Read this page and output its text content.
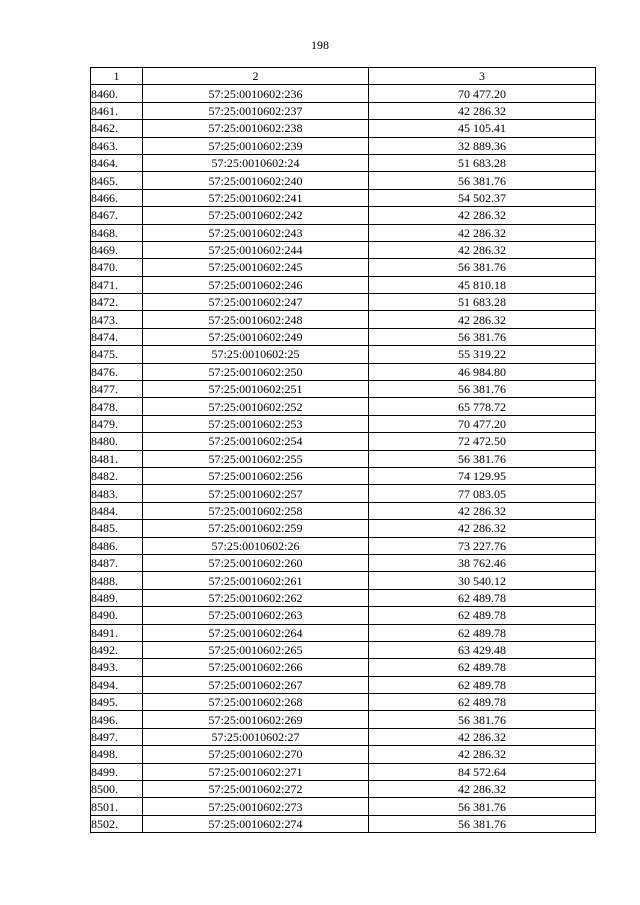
198
1	2	3
8460.	57:25:0010602:236	70 477.20
8461.	57:25:0010602:237	42 286.32
8462.	57:25:0010602:238	45 105.41
8463.	57:25:0010602:239	32 889.36
8464.	57:25:0010602:24	51 683.28
8465.	57:25:0010602:240	56 381.76
8466.	57:25:0010602:241	54 502.37
8467.	57:25:0010602:242	42 286.32
8468.	57:25:0010602:243	42 286.32
8469.	57:25:0010602:244	42 286.32
8470.	57:25:0010602:245	56 381.76
8471.	57:25:0010602:246	45 810.18
8472.	57:25:0010602:247	51 683.28
8473.	57:25:0010602:248	42 286.32
8474.	57:25:0010602:249	56 381.76
8475.	57:25:0010602:25	55 319.22
8476.	57:25:0010602:250	46 984.80
8477.	57:25:0010602:251	56 381.76
8478.	57:25:0010602:252	65 778.72
8479.	57:25:0010602:253	70 477.20
8480.	57:25:0010602:254	72 472.50
8481.	57:25:0010602:255	56 381.76
8482.	57:25:0010602:256	74 129.95
8483.	57:25:0010602:257	77 083.05
8484.	57:25:0010602:258	42 286.32
8485.	57:25:0010602:259	42 286.32
8486.	57:25:0010602:26	73 227.76
8487.	57:25:0010602:260	38 762.46
8488.	57:25:0010602:261	30 540.12
8489.	57:25:0010602:262	62 489.78
8490.	57:25:0010602:263	62 489.78
8491.	57:25:0010602:264	62 489.78
8492.	57:25:0010602:265	63 429.48
8493.	57:25:0010602:266	62 489.78
8494.	57:25:0010602:267	62 489.78
8495.	57:25:0010602:268	62 489.78
8496.	57:25:0010602:269	56 381.76
8497.	57:25:0010602:27	42 286.32
8498.	57:25:0010602:270	42 286.32
8499.	57:25:0010602:271	84 572.64
8500.	57:25:0010602:272	42 286.32
8501.	57:25:0010602:273	56 381.76
8502.	57:25:0010602:274	56 381.76
